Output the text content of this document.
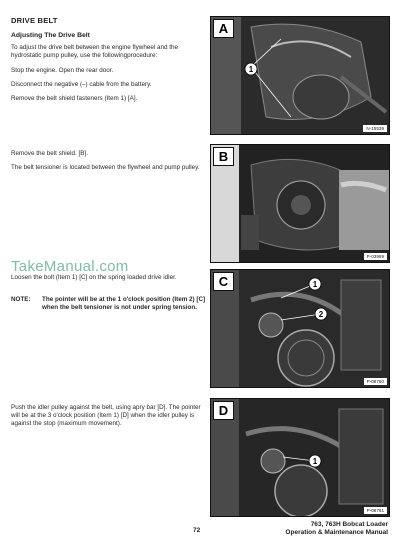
DRIVE BELT
Adjusting The Drive Belt
To adjust the drive belt between the engine flywheel and the hydrostatic pump pulley, use the followingprocedure:
Stop the engine. Open the rear door.
Disconnect the negative (–) cable from the battery.
Remove the belt shield fasteners (Item 1) [A].
Remove the belt shield. [B].
The belt tensioner is located between the flywheel and pump pulley.
TakeManual.com
Loosen the bolt (Item 1) [C] on the spring loaded drive idler.
NOTE: The pointer will be at the 1 o'clock position (Item 2) [C] when the belt tensioner is not under spring tension.
Push the idler pulley against the belt, using apry bar [D]. The pointer will be at the 3 o'clock position (Item 1) [D] when the idler pulley is against the stop (maximum movement).
1
A
N-15539
B
P-03969
1
2
C
P-08760
1
D
P-08761
72
763, 763H Bobcat Loader
Operation & Maintenance Manual
